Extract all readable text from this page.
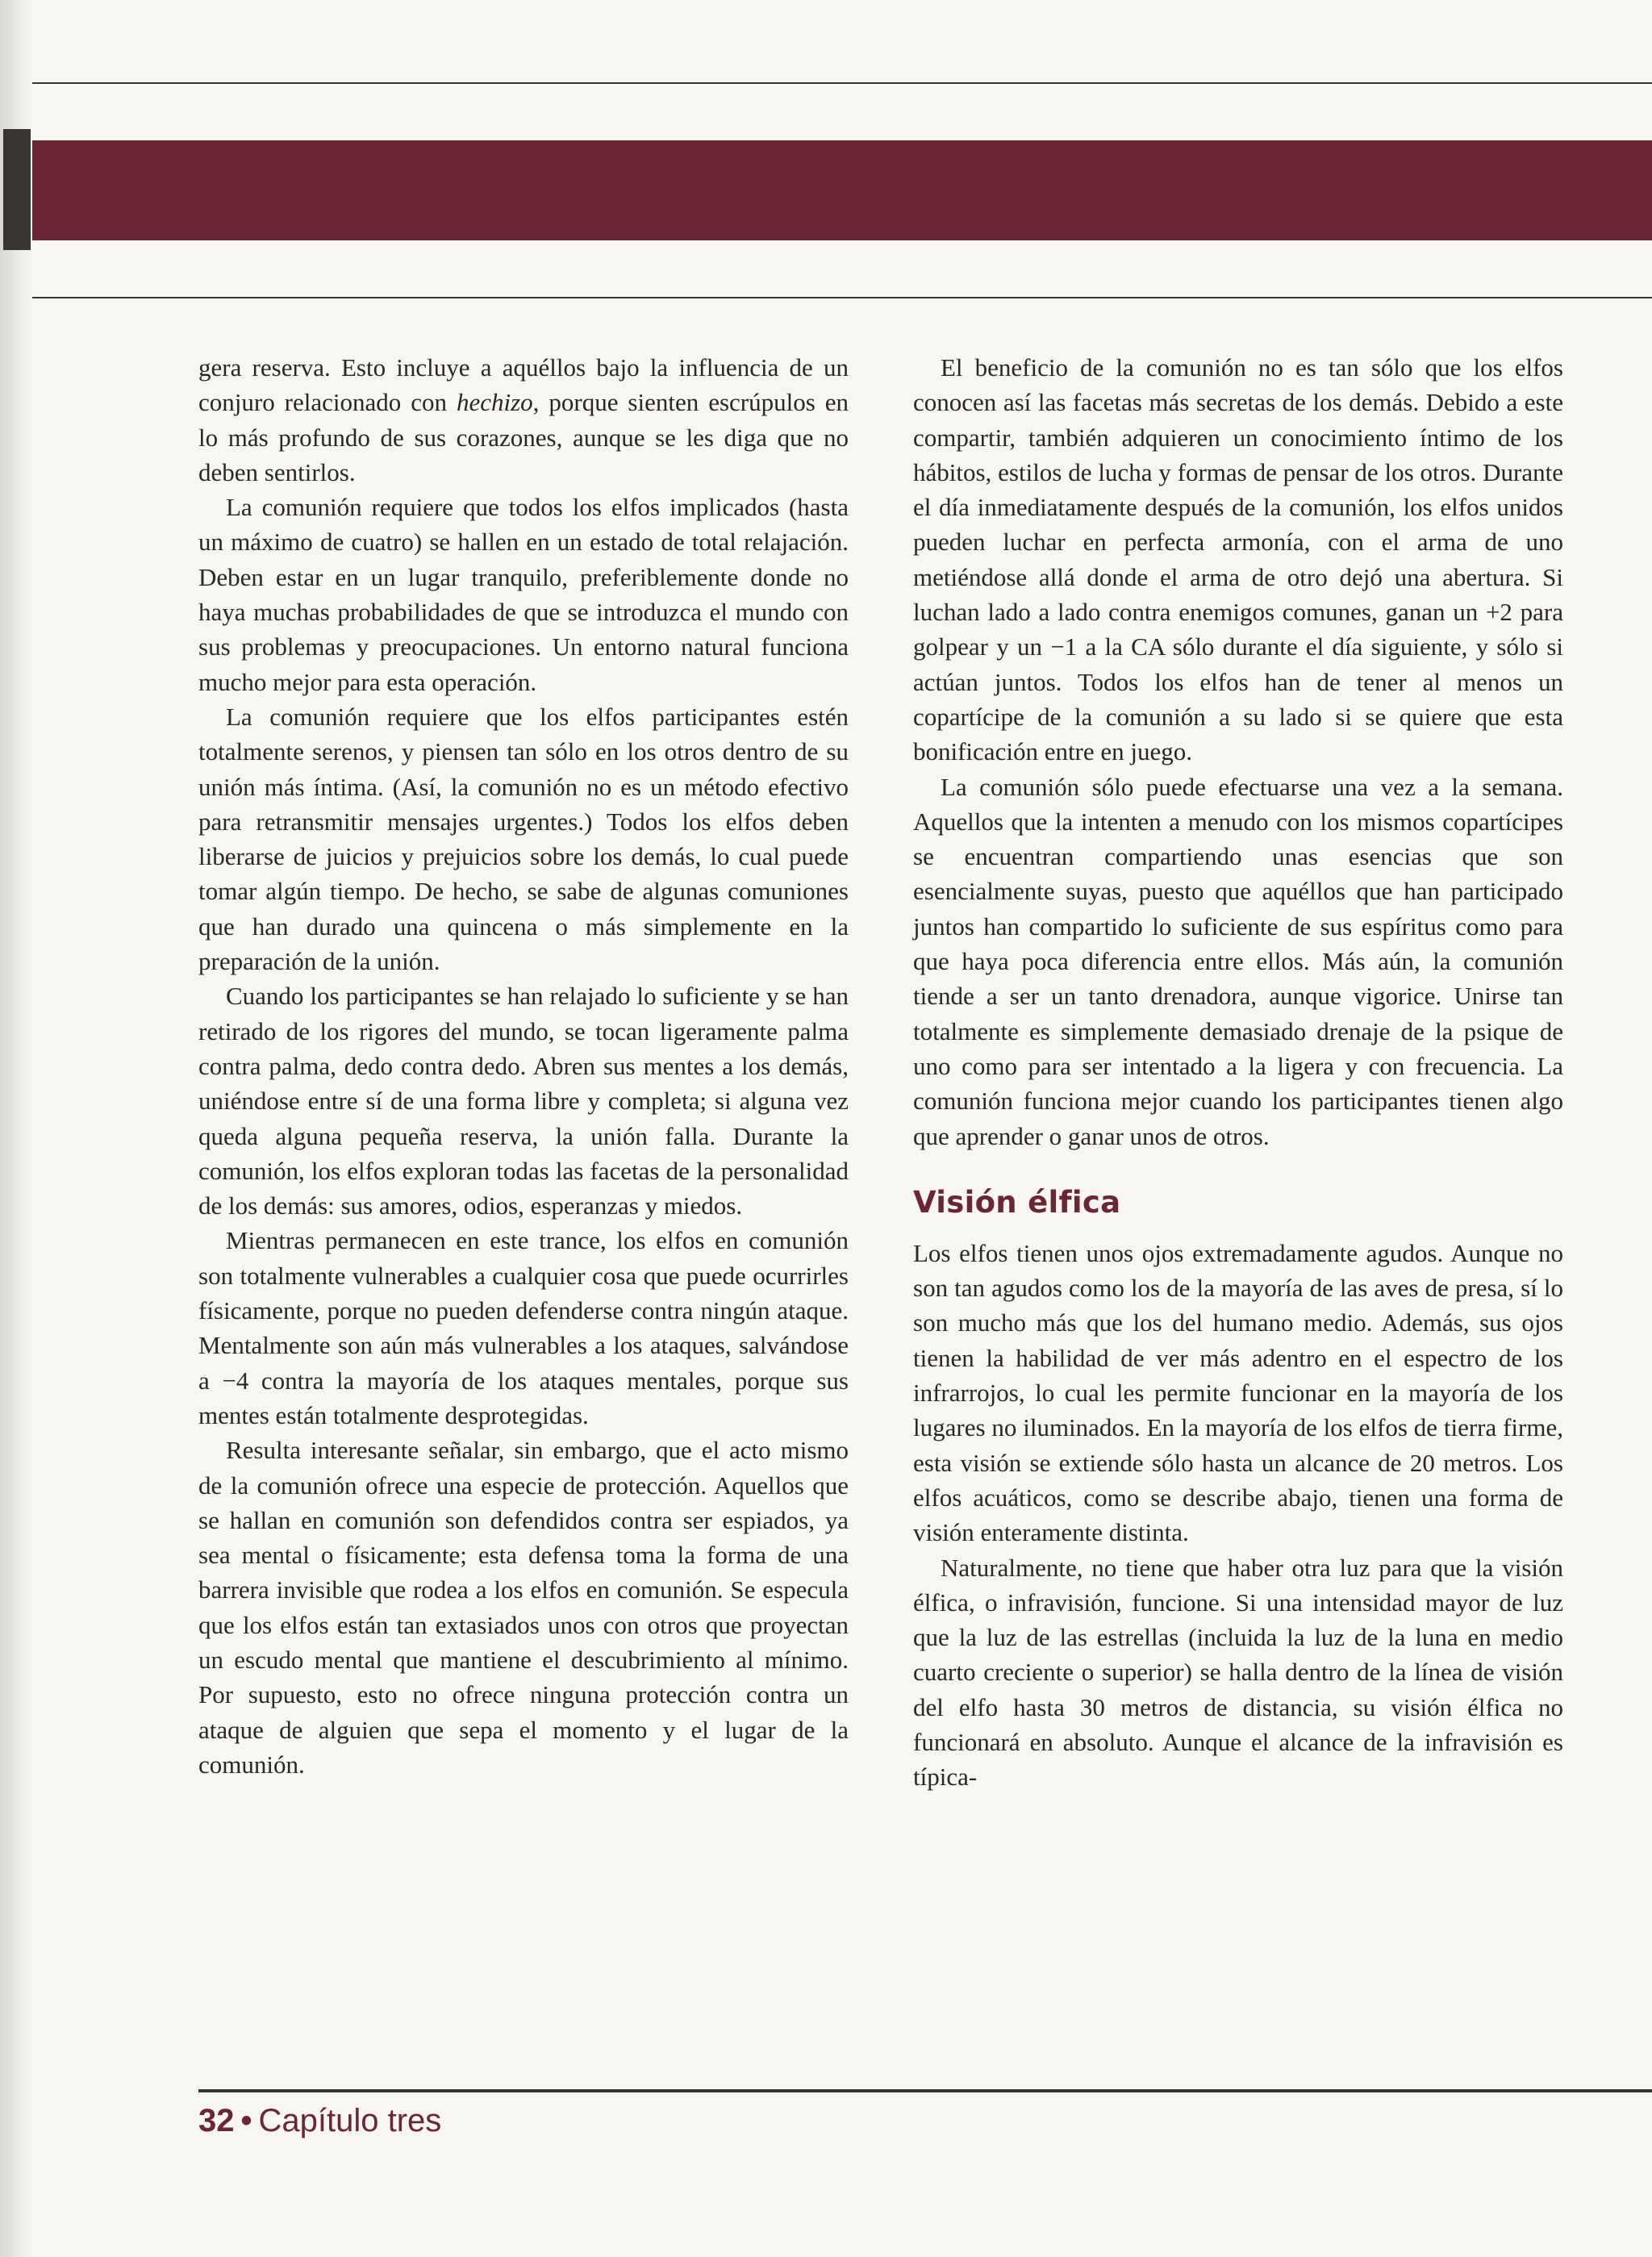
gera reserva. Esto incluye a aquéllos bajo la influencia de un conjuro relacionado con hechizo, porque sienten escrúpulos en lo más profundo de sus corazones, aunque se les diga que no deben sentirlos.

La comunión requiere que todos los elfos implicados (hasta un máximo de cuatro) se hallen en un estado de total relajación. Deben estar en un lugar tranquilo, preferiblemente donde no haya muchas probabilidades de que se introduzca el mundo con sus problemas y preocupaciones. Un entorno natural funciona mucho mejor para esta operación.

La comunión requiere que los elfos participantes estén totalmente serenos, y piensen tan sólo en los otros dentro de su unión más íntima. (Así, la comunión no es un método efectivo para retransmitir mensajes urgentes.) Todos los elfos deben liberarse de juicios y prejuicios sobre los demás, lo cual puede tomar algún tiempo. De hecho, se sabe de algunas comuniones que han durado una quincena o más simplemente en la preparación de la unión.

Cuando los participantes se han relajado lo suficiente y se han retirado de los rigores del mundo, se tocan ligeramente palma contra palma, dedo contra dedo. Abren sus mentes a los demás, uniéndose entre sí de una forma libre y completa; si alguna vez queda alguna pequeña reserva, la unión falla. Durante la comunión, los elfos exploran todas las facetas de la personalidad de los demás: sus amores, odios, esperanzas y miedos.

Mientras permanecen en este trance, los elfos en comunión son totalmente vulnerables a cualquier cosa que puede ocurrirles físicamente, porque no pueden defenderse contra ningún ataque. Mentalmente son aún más vulnerables a los ataques, salvándose a −4 contra la mayoría de los ataques mentales, porque sus mentes están totalmente desprotegidas.

Resulta interesante señalar, sin embargo, que el acto mismo de la comunión ofrece una especie de protección. Aquellos que se hallan en comunión son defendidos contra ser espiados, ya sea mental o físicamente; esta defensa toma la forma de una barrera invisible que rodea a los elfos en comunión. Se especula que los elfos están tan extasiados unos con otros que proyectan un escudo mental que mantiene el descubrimiento al mínimo. Por supuesto, esto no ofrece ninguna protección contra un ataque de alguien que sepa el momento y el lugar de la comunión.

El beneficio de la comunión no es tan sólo que los elfos conocen así las facetas más secretas de los demás. Debido a este compartir, también adquieren un conocimiento íntimo de los hábitos, estilos de lucha y formas de pensar de los otros. Durante el día inmediatamente después de la comunión, los elfos unidos pueden luchar en perfecta armonía, con el arma de uno metiéndose allá donde el arma de otro dejó una abertura. Si luchan lado a lado contra enemigos comunes, ganan un +2 para golpear y un −1 a la CA sólo durante el día siguiente, y sólo si actúan juntos. Todos los elfos han de tener al menos un copartícipe de la comunión a su lado si se quiere que esta bonificación entre en juego.

La comunión sólo puede efectuarse una vez a la semana. Aquellos que la intenten a menudo con los mismos copartícipes se encuentran compartiendo unas esencias que son esencialmente suyas, puesto que aquéllos que han participado juntos han compartido lo suficiente de sus espíritus como para que haya poca diferencia entre ellos. Más aún, la comunión tiende a ser un tanto drenadora, aunque vigorice. Unirse tan totalmente es simplemente demasiado drenaje de la psique de uno como para ser intentado a la ligera y con frecuencia. La comunión funciona mejor cuando los participantes tienen algo que aprender o ganar unos de otros.

Visión élfica

Los elfos tienen unos ojos extremadamente agudos. Aunque no son tan agudos como los de la mayoría de las aves de presa, sí lo son mucho más que los del humano medio. Además, sus ojos tienen la habilidad de ver más adentro en el espectro de los infrarrojos, lo cual les permite funcionar en la mayoría de los lugares no iluminados. En la mayoría de los elfos de tierra firme, esta visión se extiende sólo hasta un alcance de 20 metros. Los elfos acuáticos, como se describe abajo, tienen una forma de visión enteramente distinta.

Naturalmente, no tiene que haber otra luz para que la visión élfica, o infravisión, funcione. Si una intensidad mayor de luz que la luz de las estrellas (incluida la luz de la luna en medio cuarto creciente o superior) se halla dentro de la línea de visión del elfo hasta 30 metros de distancia, su visión élfica no funcionará en absoluto. Aunque el alcance de la infravisión es típica-

32 • Capítulo tres
